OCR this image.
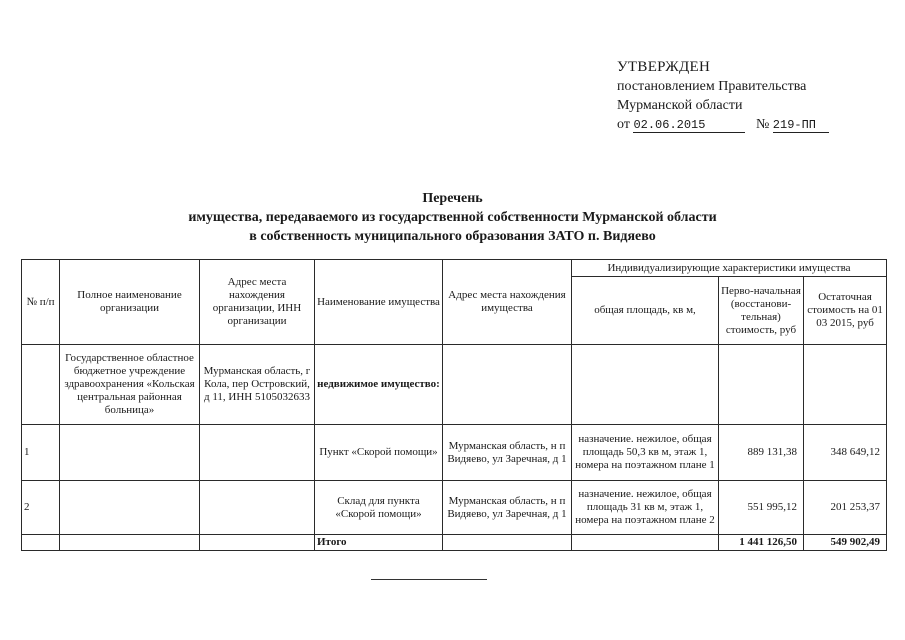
УТВЕРЖДЕН
постановлением Правительства
Мурманской области
от 02.06.2015	№ 219-ПП
Перечень
имущества, передаваемого из государственной собственности Мурманской области
в собственность муниципального образования ЗАТО п. Видяево
№ п/п	Полное наименование организации	Адрес места нахождения организации, ИНН организации	Наименование имущества	Адрес места нахождения имущества	Индивидуализирующие характеристики имущества		
					общая площадь, кв м,	Перво-начальная (восстанови-тельная) стоимость, руб	Остаточная стоимость на 01 03 2015, руб
	Государственное областное бюджетное учреждение здравоохранения «Кольская центральная районная больница»	Мурманская область, г Кола, пер Островский, д 11, ИНН 5105032633	недвижимое имущество:				
1			Пункт «Скорой помощи»	Мурманская область, н п Видяево, ул Заречная, д 1	назначение. нежилое, общая площадь 50,3 кв м, этаж 1, номера на поэтажном плане 1	889 131,38	348 649,12
2			Склад для пункта «Скорой помощи»	Мурманская область, н п Видяево, ул Заречная, д 1	назначение. нежилое, общая площадь 31 кв м, этаж 1, номера на поэтажном плане 2	551 995,12	201 253,37
			Итого			1 441 126,50	549 902,49
